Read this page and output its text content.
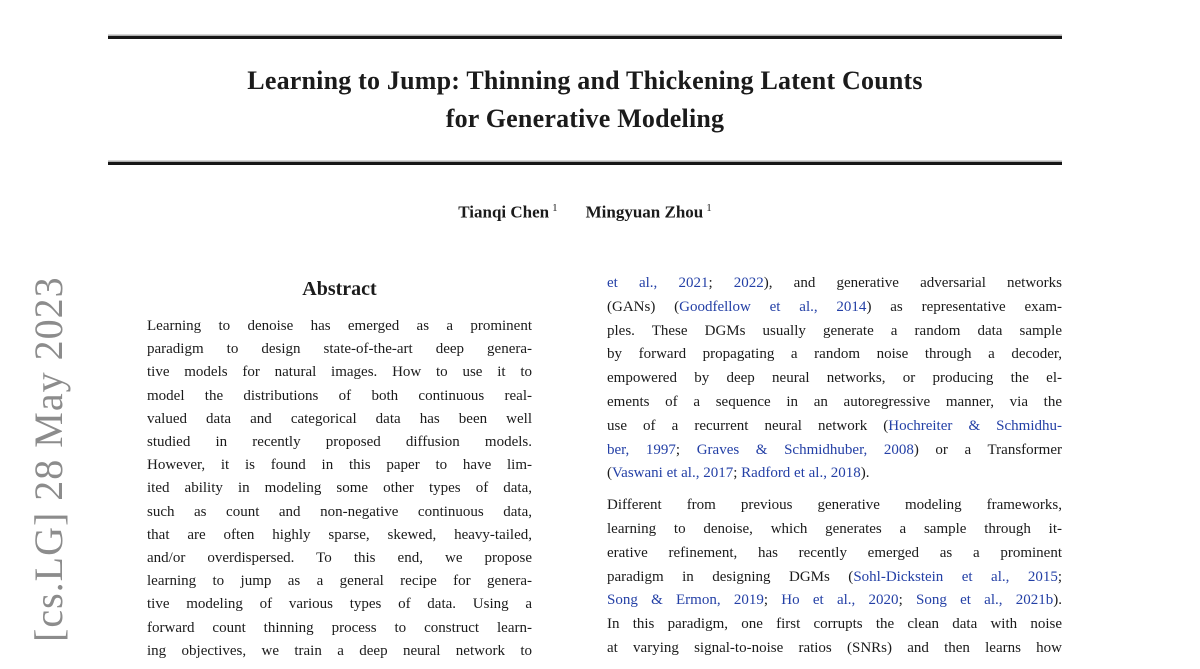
[cs.LG] 28 May 2023
Learning to Jump: Thinning and Thickening Latent Counts
for Generative Modeling
Tianqi Chen $^1$ Mingyuan Zhou $^1$
Abstract
Learning to denoise has emerged as a prominent
paradigm to design state-of-the-art deep genera-
tive models for natural images. How to use it to
model the distributions of both continuous real-
valued data and categorical data has been well
studied in recently proposed diffusion models.
However, it is found in this paper to have lim-
ited ability in modeling some other types of data,
such as count and non-negative continuous data,
that are often highly sparse, skewed, heavy-tailed,
and/or overdispersed. To this end, we propose
learning to jump as a general recipe for genera-
tive modeling of various types of data. Using a
forward count thinning process to construct learn-
ing objectives, we train a deep neural network to
et al., 2021; 2022), and generative adversarial networks
(GANs) (Goodfellow et al., 2014) as representative exam-
ples. These DGMs usually generate a random data sample
by forward propagating a random noise through a decoder,
empowered by deep neural networks, or producing the el-
ements of a sequence in an autoregressive manner, via the
use of a recurrent neural network (Hochreiter & Schmidhu-
ber, 1997; Graves & Schmidhuber, 2008) or a Transformer
(Vaswani et al., 2017; Radford et al., 2018).
Different from previous generative modeling frameworks,
learning to denoise, which generates a sample through it-
erative refinement, has recently emerged as a prominent
paradigm in designing DGMs (Sohl-Dickstein et al., 2015;
Song & Ermon, 2019; Ho et al., 2020; Song et al., 2021b).
In this paradigm, one first corrupts the clean data with noise
at varying signal-to-noise ratios (SNRs) and then learns how
